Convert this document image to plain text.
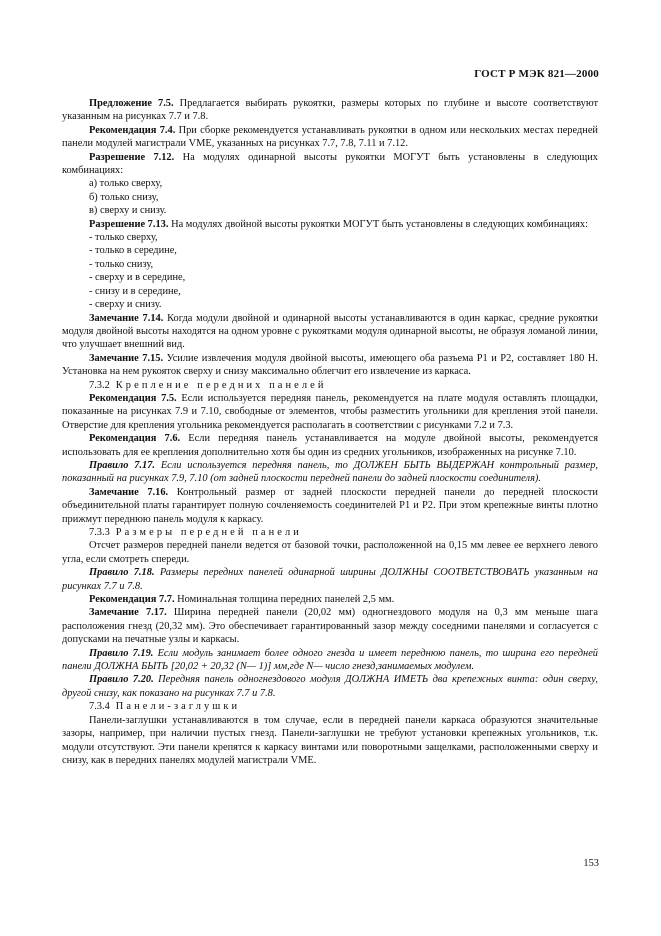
ГОСТ Р МЭК 821—2000

Предложение 7.5. Предлагается выбирать рукоятки, размеры которых по глубине и высоте соответствуют указанным на рисунках 7.7 и 7.8.

Рекомендация 7.4. При сборке рекомендуется устанавливать рукоятки в одном или нескольких местах передней панели модулей магистрали VME, указанных на рисунках 7.7, 7.8, 7.11 и 7.12.

Разрешение 7.12. На модулях одинарной высоты рукоятки МОГУТ быть установлены в следующих комбинациях:

а) только сверху,

б) только снизу,

в) сверху и снизу.

Разрешение 7.13. На модулях двойной высоты рукоятки МОГУТ быть установлены в следующих комбинациях:

- только сверху,

- только в середине,

- только снизу,

- сверху и в середине,

- снизу и в середине,

- сверху и снизу.

Замечание 7.14. Когда модули двойной и одинарной высоты устанавливаются в один каркас, средние рукоятки модуля двойной высоты находятся на одном уровне с рукоятками модуля одинарной высоты, не образуя ломаной линии, что улучшает внешний вид.

Замечание 7.15. Усилие извлечения модуля двойной высоты, имеющего оба разъема Р1 и Р2, составляет 180 Н. Установка на нем рукояток сверху и снизу максимально облегчит его извлечение из каркаса.

7.3.2 Крепление передних панелей

Рекомендация 7.5. Если используется передняя панель, рекомендуется на плате модуля оставлять площадки, показанные на рисунках 7.9 и 7.10, свободные от элементов, чтобы разместить угольники для крепления этой панели. Отверстие для крепления угольника рекомендуется располагать в соответствии с рисунками 7.2 и 7.3.

Рекомендация 7.6. Если передняя панель устанавливается на модуле двойной высоты, рекомендуется использовать для ее крепления дополнительно хотя бы один из средних угольников, изображенных на рисунке 7.10.

Правило 7.17. Если используется передняя панель, то ДОЛЖЕН БЫТЬ ВЫДЕРЖАН контрольный размер, показанный на рисунках 7.9, 7.10 (от задней плоскости передней панели до задней плоскости соединителя).

Замечание 7.16. Контрольный размер от задней плоскости передней панели до передней плоскости объединительной платы гарантирует полную сочленяемость соединителей Р1 и Р2. При этом крепежные винты плотно прижмут переднюю панель модуля к каркасу.

7.3.3 Размеры передней панели

Отсчет размеров передней панели ведется от базовой точки, расположенной на 0,15 мм левее ее верхнего левого угла, если смотреть спереди.

Правило 7.18. Размеры передних панелей одинарной ширины ДОЛЖНЫ СООТВЕТСТВОВАТЬ указанным на рисунках 7.7 и 7.8.

Рекомендация 7.7. Номинальная толщина передних панелей 2,5 мм.

Замечание 7.17. Ширина передней панели (20,02 мм) одногнездового модуля на 0,3 мм меньше шага расположения гнезд (20,32 мм). Это обеспечивает гарантированный зазор между соседними панелями и согласуется с допусками на печатные узлы и каркасы.

Правило 7.19. Если модуль занимает более одного гнезда и имеет переднюю панель, то ширина его передней панели ДОЛЖНА БЫТЬ [20,02 + 20,32 (N— 1)] мм,где N— число гнезд,занимаемых модулем.

Правило 7.20. Передняя панель одногнездового модуля ДОЛЖНА ИМЕТЬ два крепежных винта: один сверху, другой снизу, как показано на рисунках 7.7 и 7.8.

7.3.4 Панели-заглушки

Панели-заглушки устанавливаются в том случае, если в передней панели каркаса образуются значительные зазоры, например, при наличии пустых гнезд. Панели-заглушки не требуют установки крепежных угольников, т.к. модули отсутствуют. Эти панели крепятся к каркасу винтами или поворотными защелками, расположенными сверху и снизу, как в передних панелях модулей магистрали VME.

153
